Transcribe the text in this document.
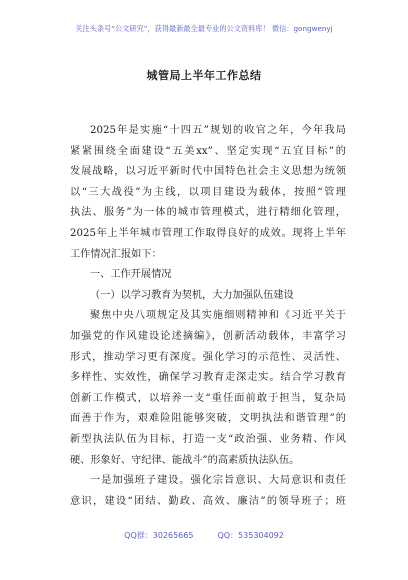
关注头条号“公文研究”，获得最新最全最专业的公文资料库！ 微信：gongwenyj
城管局上半年工作总结
2025年是实施“十四五”规划的收官之年，今年我局
紧紧围绕全面建设“五美xx”、坚定实现“五宜目标”的
发展战略，以习近平新时代中国特色社会主义思想为统领
以“三大战役”为主线，以项目建设为载体，按照“管理
执法、服务”为一体的城市管理模式，进行精细化管理，
2025年上半年城市管理工作取得良好的成效。现将上半年
工作情况汇报如下：
一、工作开展情况
（一）以学习教育为契机，大力加强队伍建设
聚焦中央八项规定及其实施细则精神和《习近平关于
加强党的作风建设论述摘编》，创新活动载体，丰富学习
形式，推动学习更有深度。强化学习的示范性、灵活性、
多样性、实效性，确保学习教育走深走实。结合学习教育
创新工作模式，以培养一支“重任面前敢于担当，复杂局
面善于作为，艰难险阻能够突破，文明执法和谐管理”的
新型执法队伍为目标，打造一支“政治强、业务精、作风
硬、形象好、守纪律、能战斗”的高素质执法队伍。
一是加强班子建设。强化宗旨意识、大局意识和责任
意识，建设“团结、勤政、高效、廉洁”的领导班子；班
QQ群：30265665	QQ：535304092
